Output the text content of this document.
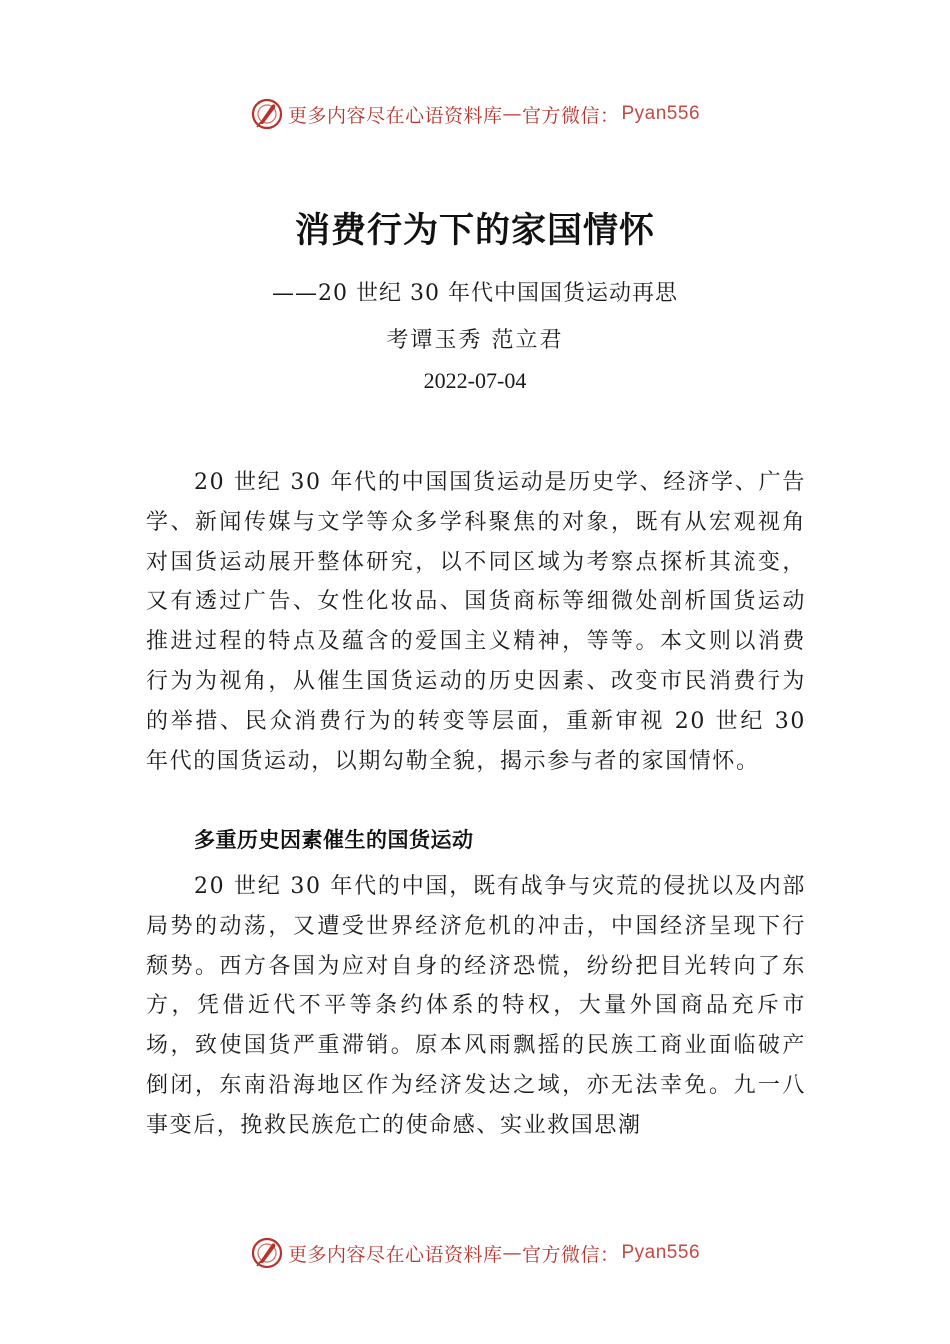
更多内容尽在心语资料库 — 官方微信： Pyan556
消费行为下的家国情怀
——20 世纪 30 年代中国国货运动再思
考谭玉秀 范立君
2022-07-04

20 世纪 30 年代的中国国货运动是历史学、经济学、广告学、新闻传媒与文学等众多学科聚焦的对象，既有从宏观视角对国货运动展开整体研究，以不同区域为考察点探析其流变，又有透过广告、女性化妆品、国货商标等细微处剖析国货运动推进过程的特点及蕴含的爱国主义精神，等等。本文则以消费行为为视角，从催生国货运动的历史因素、改变市民消费行为的举措、民众消费行为的转变等层面，重新审视 20 世纪 30 年代的国货运动，以期勾勒全貌，揭示参与者的家国情怀。

多重历史因素催生的国货运动

20 世纪 30 年代的中国，既有战争与灾荒的侵扰以及内部局势的动荡，又遭受世界经济危机的冲击，中国经济呈现下行颓势。西方各国为应对自身的经济恐慌，纷纷把目光转向了东方，凭借近代不平等条约体系的特权，大量外国商品充斥市场，致使国货严重滞销。原本风雨飘摇的民族工商业面临破产倒闭，东南沿海地区作为经济发达之域，亦无法幸免。九一八事变后，挽救民族危亡的使命感、实业救国思潮

更多内容尽在心语资料库 — 官方微信： Pyan556
